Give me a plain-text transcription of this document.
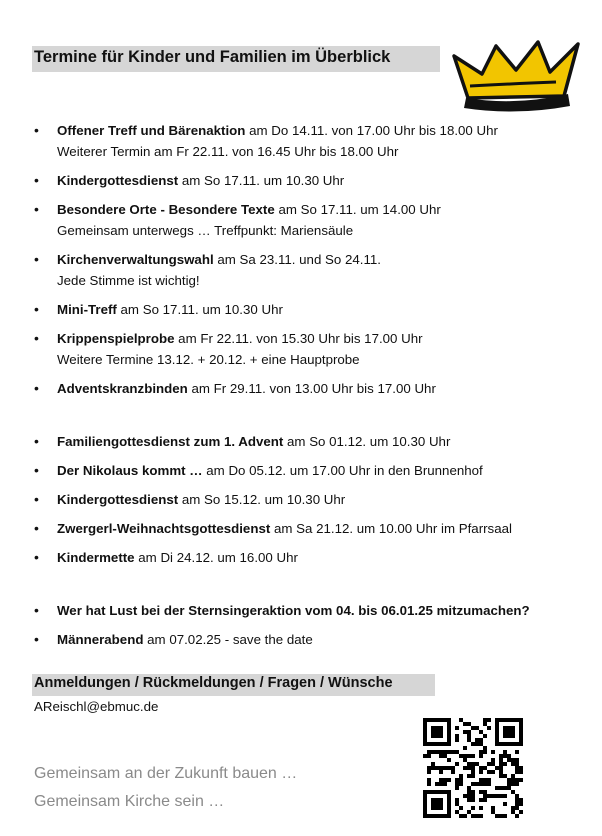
Termine für Kinder und Familien im Überblick
• Offener Treff und Bärenaktion am Do 14.11. von 17.00 Uhr bis 18.00 Uhr
Weiterer Termin am Fr 22.11. von 16.45 Uhr bis 18.00 Uhr
• Kindergottesdienst am So 17.11. um 10.30 Uhr
• Besondere Orte - Besondere Texte am So 17.11. um 14.00 Uhr
Gemeinsam unterwegs … Treffpunkt: Mariensäule
• Kirchenverwaltungswahl am Sa 23.11. und So 24.11.
Jede Stimme ist wichtig!
• Mini-Treff am So 17.11. um 10.30 Uhr
• Krippenspielprobe am Fr 22.11. von 15.30 Uhr bis 17.00 Uhr
Weitere Termine 13.12. + 20.12. + eine Hauptprobe
• Adventskranzbinden am Fr 29.11. von 13.00 Uhr bis 17.00 Uhr
• Familiengottesdienst zum 1. Advent am So 01.12. um 10.30 Uhr
• Der Nikolaus kommt … am Do 05.12. um 17.00 Uhr in den Brunnenhof
• Kindergottesdienst am So 15.12. um 10.30 Uhr
• Zwergerl-Weihnachtsgottesdienst am Sa 21.12. um 10.00 Uhr im Pfarrsaal
• Kindermette am Di 24.12. um 16.00 Uhr
• Wer hat Lust bei der Sternsingeraktion vom 04. bis 06.01.25 mitzumachen?
• Männerabend am 07.02.25 - save the date
Anmeldungen / Rückmeldungen / Fragen / Wünsche
AReischl@ebmuc.de
Gemeinsam an der Zukunft bauen …
Gemeinsam Kirche sein …
